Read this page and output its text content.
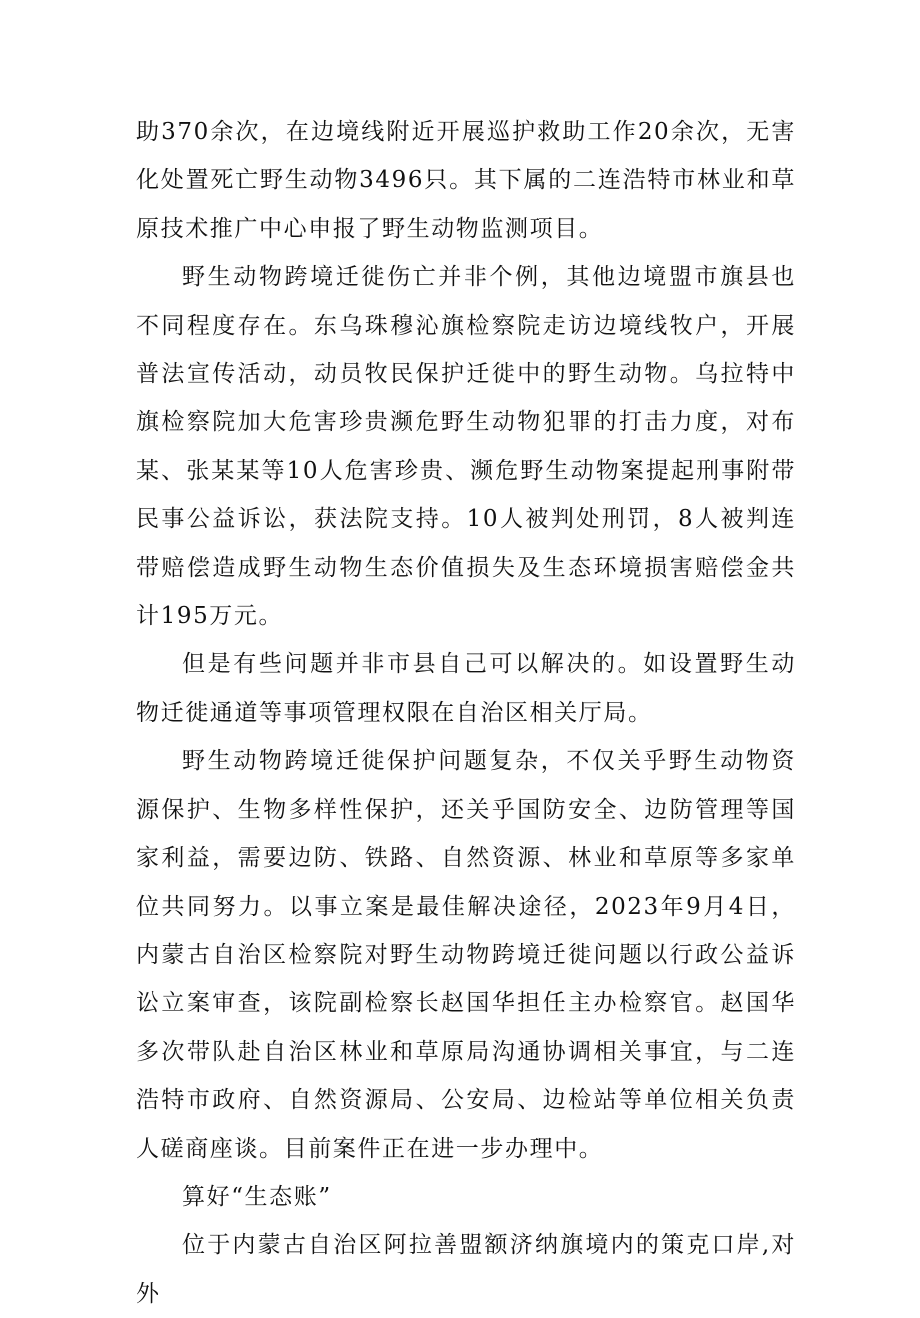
助370余次，在边境线附近开展巡护救助工作20余次，无害化处置死亡野生动物3496只。其下属的二连浩特市林业和草原技术推广中心申报了野生动物监测项目。

野生动物跨境迁徙伤亡并非个例，其他边境盟市旗县也不同程度存在。东乌珠穆沁旗检察院走访边境线牧户，开展普法宣传活动，动员牧民保护迁徙中的野生动物。乌拉特中旗检察院加大危害珍贵濒危野生动物犯罪的打击力度，对布某、张某某等10人危害珍贵、濒危野生动物案提起刑事附带民事公益诉讼，获法院支持。10人被判处刑罚，8人被判连带赔偿造成野生动物生态价值损失及生态环境损害赔偿金共计195万元。

但是有些问题并非市县自己可以解决的。如设置野生动物迁徙通道等事项管理权限在自治区相关厅局。

野生动物跨境迁徙保护问题复杂，不仅关乎野生动物资源保护、生物多样性保护，还关乎国防安全、边防管理等国家利益，需要边防、铁路、自然资源、林业和草原等多家单位共同努力。以事立案是最佳解决途径，2023年9月4日，内蒙古自治区检察院对野生动物跨境迁徙问题以行政公益诉讼立案审查，该院副检察长赵国华担任主办检察官。赵国华多次带队赴自治区林业和草原局沟通协调相关事宜，与二连浩特市政府、自然资源局、公安局、边检站等单位相关负责人磋商座谈。目前案件正在进一步办理中。

算好“生态账”

位于内蒙古自治区阿拉善盟额济纳旗境内的策克口岸,对外
